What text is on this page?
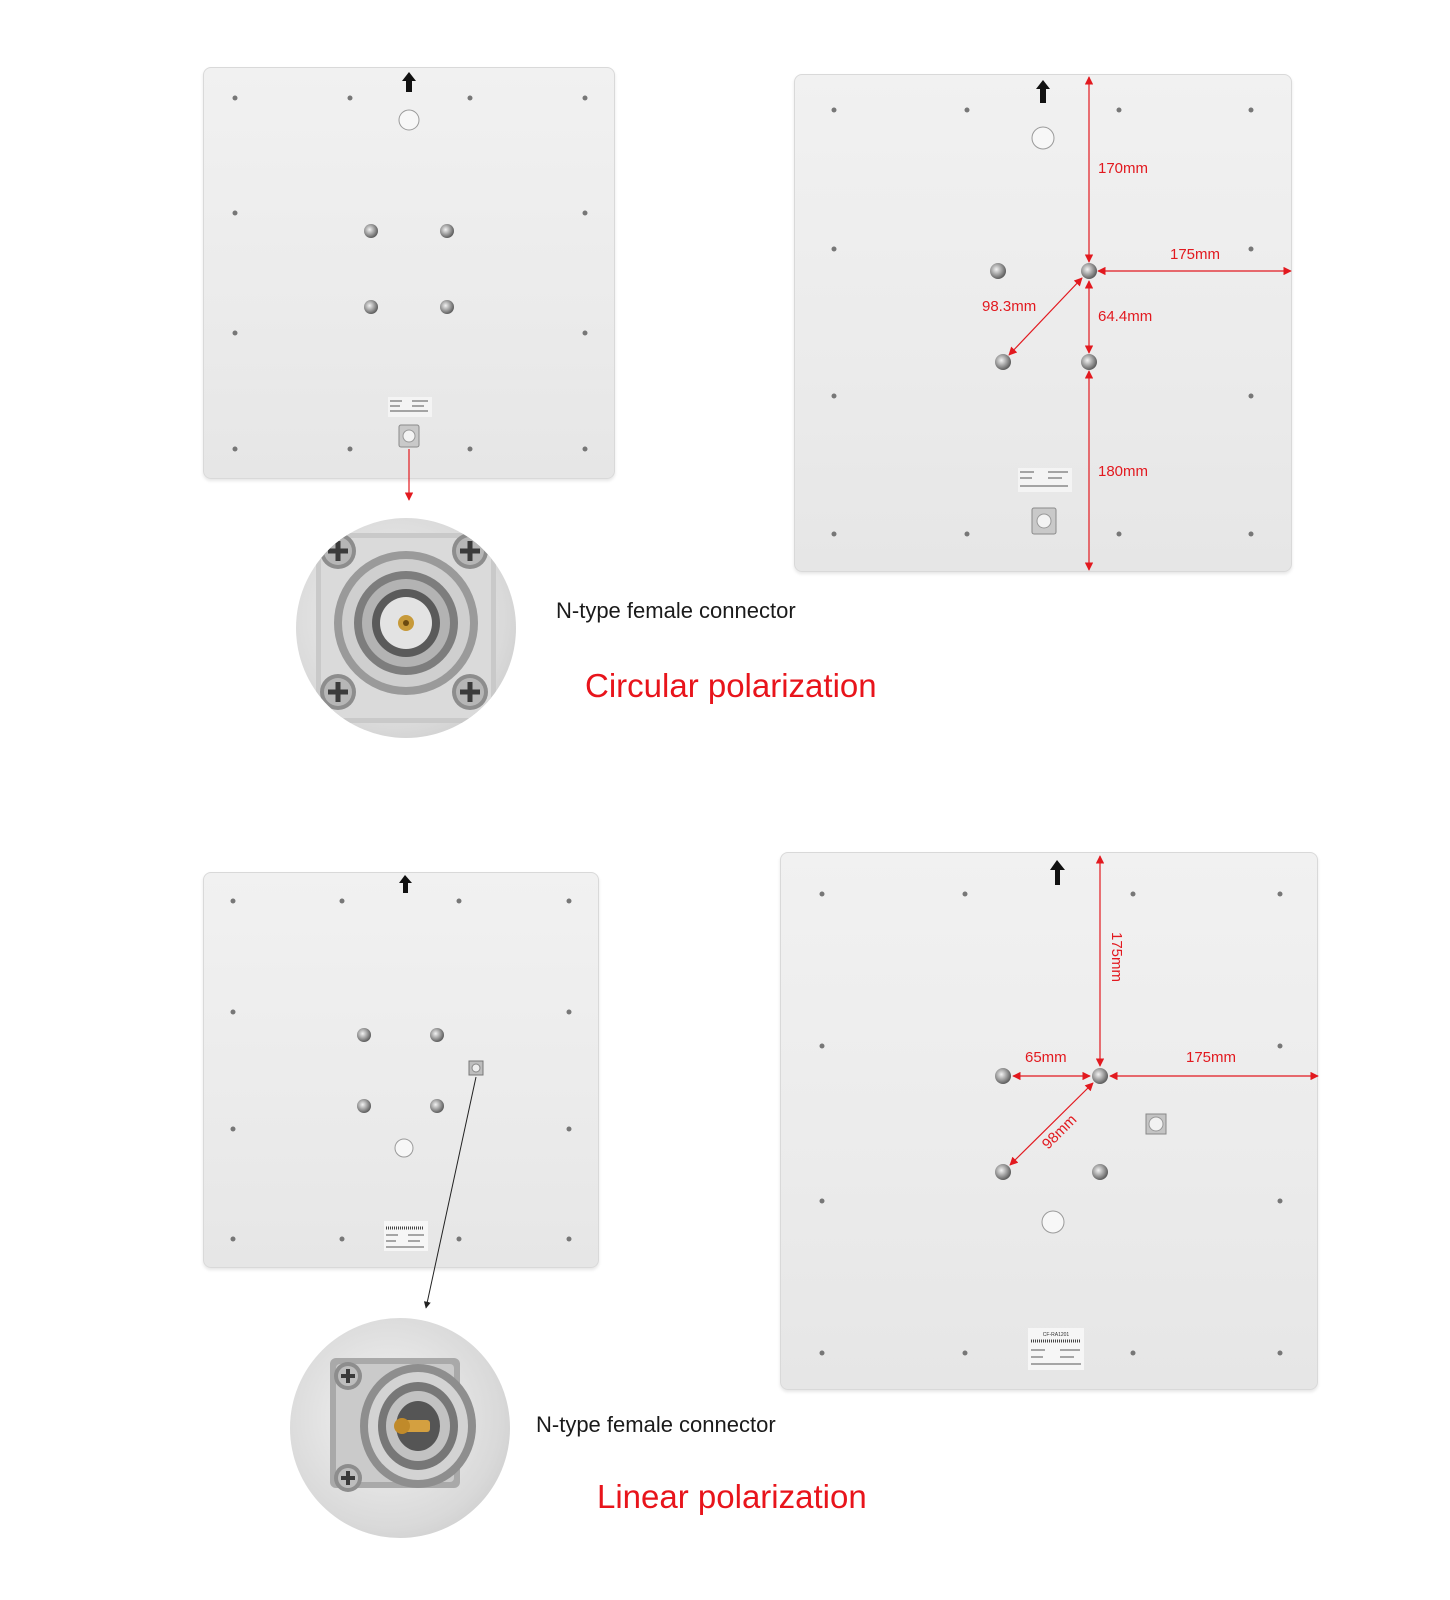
N-type female connector
Circular polarization
N-type female connector
Linear polarization
170mm
175mm
98.3mm
64.4mm
180mm
CF-RA1201
175mm
175mm
65mm
98mm
